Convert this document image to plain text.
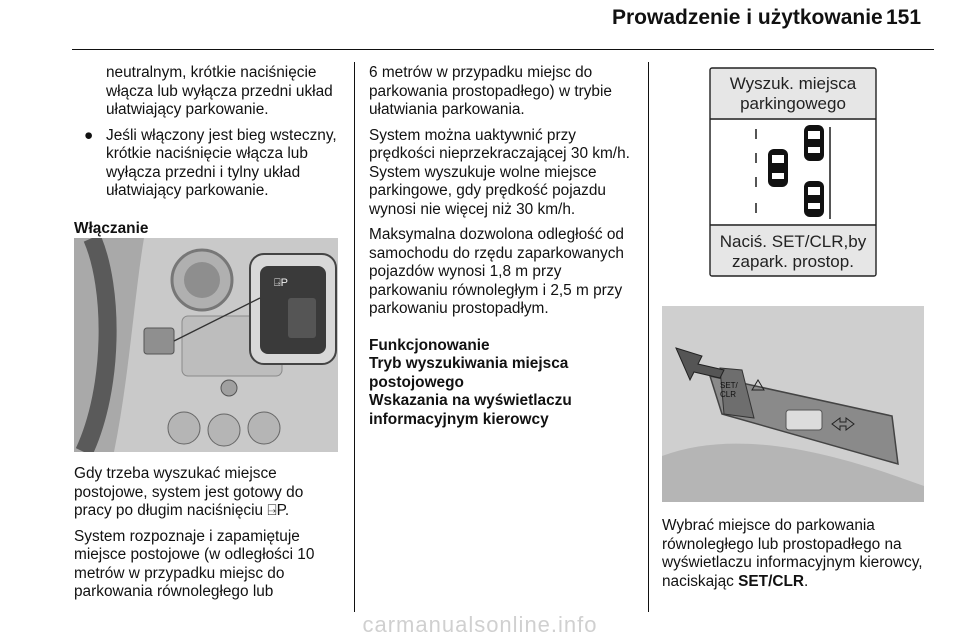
Prowadzenie i użytkowanie 151

neutralnym, krótkie naciśnięcie włącza lub wyłącza przedni układ ułatwiający parkowanie.

● Jeśli włączony jest bieg wsteczny, krótkie naciśnięcie włącza lub wyłącza przedni i tylny układ ułatwiający parkowanie.

Włączanie

⍈P

Gdy trzeba wyszukać miejsce postojowe, system jest gotowy do pracy po długim naciśnięciu ⍈P.

System rozpoznaje i zapamiętuje miejsce postojowe (w odległości 10 metrów w przypadku miejsc do parkowania równoległego lub

6 metrów w przypadku miejsc do parkowania prostopadłego) w trybie ułatwiania parkowania.

System można uaktywnić przy prędkości nieprzekraczającej 30 km/h. System wyszukuje wolne miejsce parkingowe, gdy prędkość pojazdu wynosi nie więcej niż 30 km/h.

Maksymalna dozwolona odległość od samochodu do rzędu zaparkowanych pojazdów wynosi 1,8 m przy parkowaniu równoległym i 2,5 m przy parkowaniu prostopadłym.

Funkcjonowanie

Tryb wyszukiwania miejsca postojowego

Wskazania na wyświetlaczu informacyjnym kierowcy

Wyszuk. miejsca
parkingowego
Naciś. SET/CLR,by
zapark. prostop.
SET/
CLR

Wybrać miejsce do parkowania równoległego lub prostopadłego na wyświetlaczu informacyjnym kierowcy, naciskając SET/CLR.

carmanualsonline.info
